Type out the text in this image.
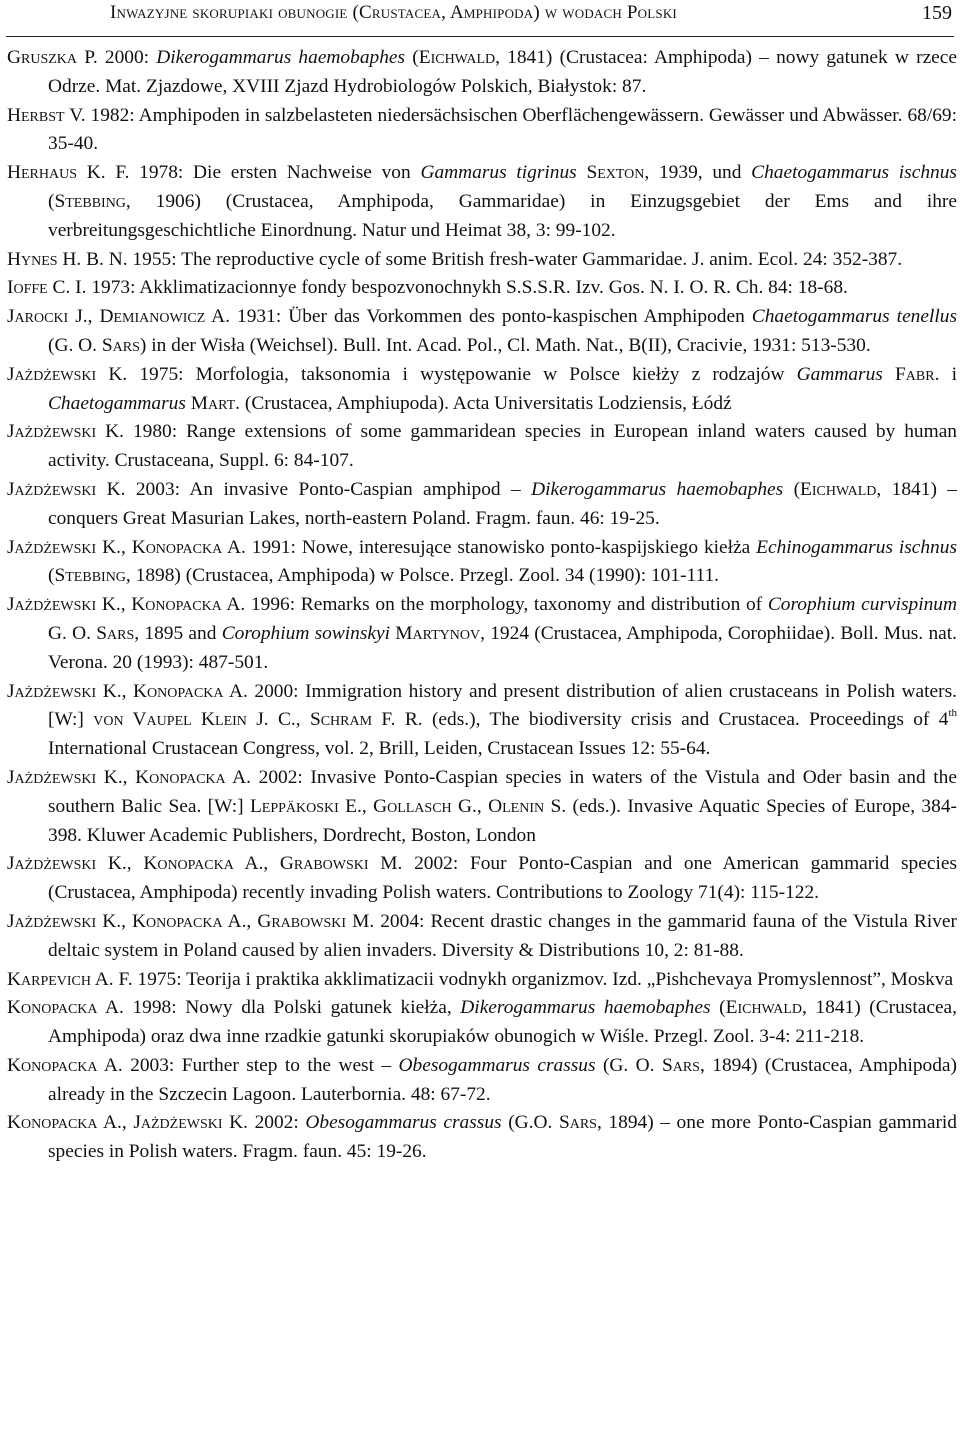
Inwazyjne skorupiaki obunogie (Crustacea, Amphipoda) w wodach Polski	159
Gruszka P. 2000: Dikerogammarus haemobaphes (Eichwald, 1841) (Crustacea: Amphipoda) – nowy gatunek w rzece Odrze. Mat. Zjazdowe, XVIII Zjazd Hydrobiologów Polskich, Białystok: 87.
Herbst V. 1982: Amphipoden in salzbelasteten niedersächsischen Oberflächengewässern. Gewässer und Abwässer. 68/69: 35-40.
Herhaus K. F. 1978: Die ersten Nachweise von Gammarus tigrinus Sexton, 1939, und Chaetogammarus ischnus (Stebbing, 1906) (Crustacea, Amphipoda, Gammaridae) in Einzugsgebiet der Ems and ihre verbreitungsgeschichtliche Einordnung. Natur und Heimat 38, 3: 99-102.
Hynes H. B. N. 1955: The reproductive cycle of some British fresh-water Gammaridae. J. anim. Ecol. 24: 352-387.
Ioffe C. I. 1973: Akklimatizacionnye fondy bespozvonochnykh S.S.S.R. Izv. Gos. N. I. O. R. Ch. 84: 18-68.
Jarocki J., Demianowicz A. 1931: Über das Vorkommen des ponto-kaspischen Amphipoden Chaetogammarus tenellus (G. O. Sars) in der Wisła (Weichsel). Bull. Int. Acad. Pol., Cl. Math. Nat., B(II), Cracivie, 1931: 513-530.
Jażdżewski K. 1975: Morfologia, taksonomia i występowanie w Polsce kiełży z rodzajów Gammarus Fabr. i Chaetogammarus Mart. (Crustacea, Amphiupoda). Acta Universitatis Lodziensis, Łódź
Jażdżewski K. 1980: Range extensions of some gammaridean species in European inland waters caused by human activity. Crustaceana, Suppl. 6: 84-107.
Jażdżewski K. 2003: An invasive Ponto-Caspian amphipod – Dikerogammarus haemobaphes (Eichwald, 1841) – conquers Great Masurian Lakes, north-eastern Poland. Fragm. faun. 46: 19-25.
Jażdżewski K., Konopacka A. 1991: Nowe, interesujące stanowisko ponto-kaspijskiego kiełża Echinogammarus ischnus (Stebbing, 1898) (Crustacea, Amphipoda) w Polsce. Przegl. Zool. 34 (1990): 101-111.
Jażdżewski K., Konopacka A. 1996: Remarks on the morphology, taxonomy and distribution of Corophium curvispinum G. O. Sars, 1895 and Corophium sowinskyi Martynov, 1924 (Crustacea, Amphipoda, Corophiidae). Boll. Mus. nat. Verona. 20 (1993): 487-501.
Jażdżewski K., Konopacka A. 2000: Immigration history and present distribution of alien crustaceans in Polish waters. [W:] von Vaupel Klein J. C., Schram F. R. (eds.), The biodiversity crisis and Crustacea. Proceedings of 4th International Crustacean Congress, vol. 2, Brill, Leiden, Crustacean Issues 12: 55-64.
Jażdżewski K., Konopacka A. 2002: Invasive Ponto-Caspian species in waters of the Vistula and Oder basin and the southern Balic Sea. [W:] Leppäkoski E., Gollasch G., Olenin S. (eds.). Invasive Aquatic Species of Europe, 384-398. Kluwer Academic Publishers, Dordrecht, Boston, London
Jażdżewski K., Konopacka A., Grabowski M. 2002: Four Ponto-Caspian and one American gammarid species (Crustacea, Amphipoda) recently invading Polish waters. Contributions to Zoology 71(4): 115-122.
Jażdżewski K., Konopacka A., Grabowski M. 2004: Recent drastic changes in the gammarid fauna of the Vistula River deltaic system in Poland caused by alien invaders. Diversity & Distributions 10, 2: 81-88.
Karpevich A. F. 1975: Teorija i praktika akklimatizacii vodnykh organizmov. Izd. „Pishchevaya Promyslennost”, Moskva
Konopacka A. 1998: Nowy dla Polski gatunek kiełża, Dikerogammarus haemobaphes (Eichwald, 1841) (Crustacea, Amphipoda) oraz dwa inne rzadkie gatunki skorupiaków obunogich w Wiśle. Przegl. Zool. 3-4: 211-218.
Konopacka A. 2003: Further step to the west – Obesogammarus crassus (G. O. Sars, 1894) (Crustacea, Amphipoda) already in the Szczecin Lagoon. Lauterbornia. 48: 67-72.
Konopacka A., Jażdżewski K. 2002: Obesogammarus crassus (G.O. Sars, 1894) – one more Ponto-Caspian gammarid species in Polish waters. Fragm. faun. 45: 19-26.
